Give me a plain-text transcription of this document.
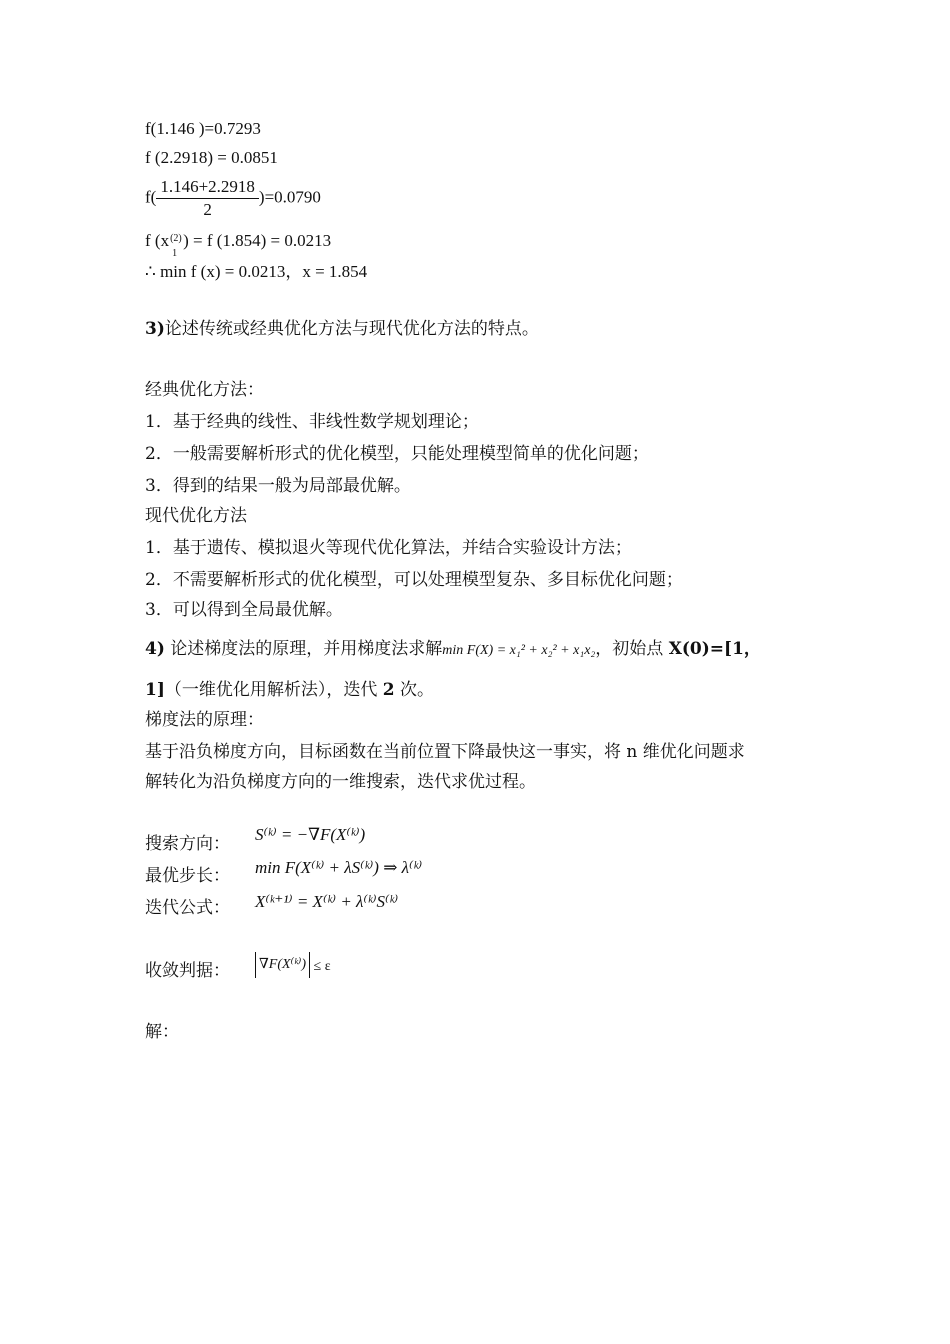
f(1.146 )=0.7293
f (2.2918) = 0.0851
$f( \frac{1.146+2.2918}{2} )=0.0790$
f (x (2)
1
) = f (1.854) = 0.0213
∴ min f (x) = 0.0213，x = 1.854
3)论述传统或经典优化方法与现代优化方法的特点。
经典优化方法：
1．基于经典的线性、非线性数学规划理论；
2．一般需要解析形式的优化模型，只能处理模型简单的优化问题；
3．得到的结果一般为局部最优解。
现代优化方法
1．基于遗传、模拟退火等现代优化算法，并结合实验设计方法；
2．不需要解析形式的优化模型，可以处理模型复杂、多目标优化问题；
3．可以得到全局最优解。
4) 论述梯度法的原理，并用梯度法求解min F(X) = x₁² + x₂² + x₁x₂，初始点 X(0)=[1，
1]（一维优化用解析法），迭代 2 次。
梯度法的原理：
基于沿负梯度方向，目标函数在当前位置下降最快这一事实，将 n 维优化问题求
解转化为沿负梯度方向的一维搜索，迭代求优过程。
搜索方向： S⁽ᵏ⁾ = −∇F(X⁽ᵏ⁾)
最优步长： min F(X⁽ᵏ⁾ + λS⁽ᵏ⁾) ⇒ λ⁽ᵏ⁾
迭代公式： X⁽ᵏ⁺¹⁾ = X⁽ᵏ⁾ + λ⁽ᵏ⁾S⁽ᵏ⁾
收敛判据： ∇F(X⁽ᵏ⁾) ≤ ε
解：
